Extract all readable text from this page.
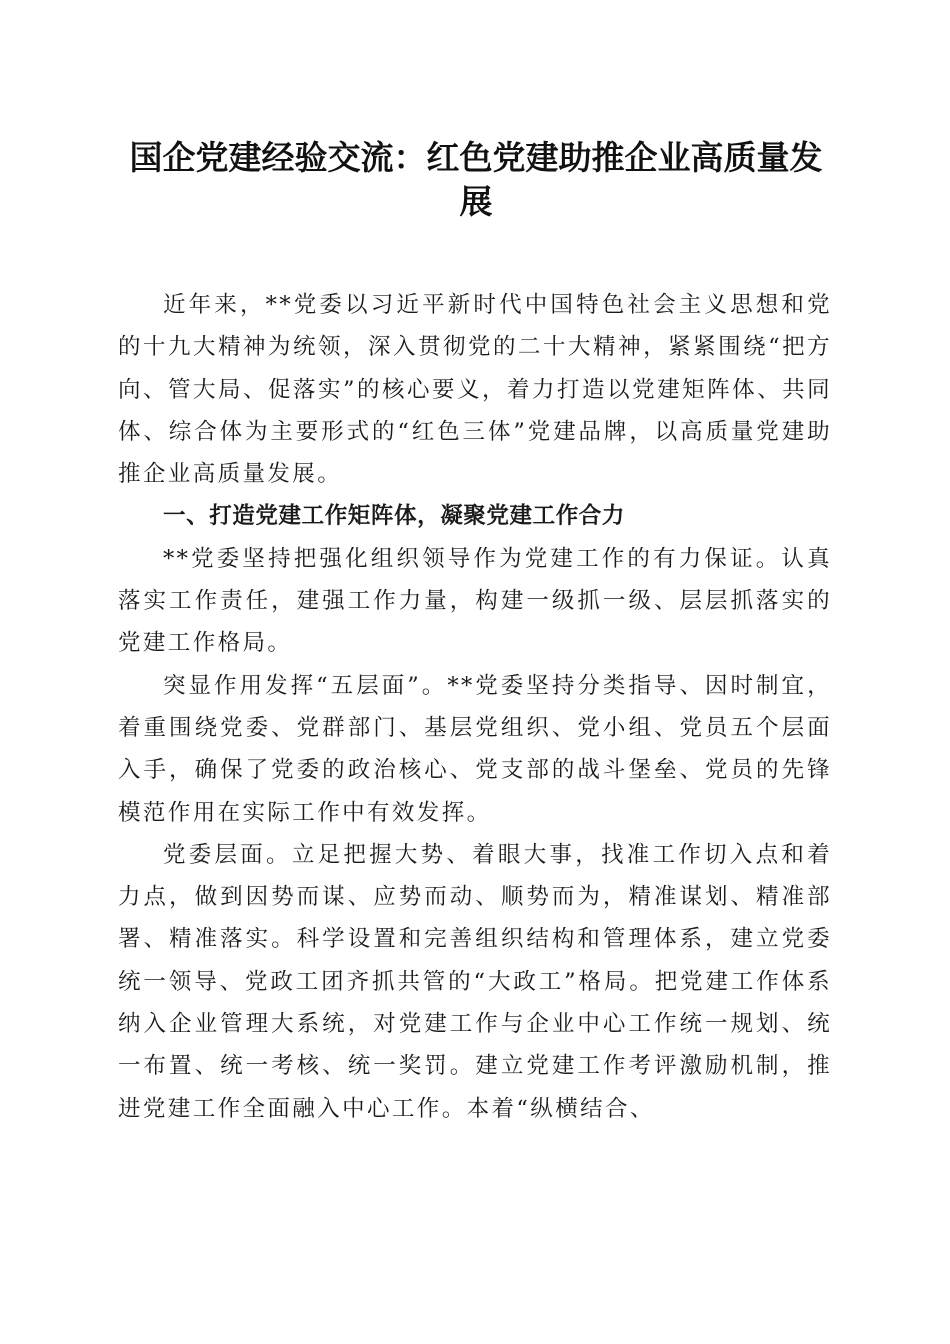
国企党建经验交流：红色党建助推企业高质量发展

近年来，**党委以习近平新时代中国特色社会主义思想和党的十九大精神为统领，深入贯彻党的二十大精神，紧紧围绕“把方向、管大局、促落实”的核心要义，着力打造以党建矩阵体、共同体、综合体为主要形式的“红色三体”党建品牌，以高质量党建助推企业高质量发展。

一、打造党建工作矩阵体，凝聚党建工作合力

**党委坚持把强化组织领导作为党建工作的有力保证。认真落实工作责任，建强工作力量，构建一级抓一级、层层抓落实的党建工作格局。

突显作用发挥“五层面”。**党委坚持分类指导、因时制宜，着重围绕党委、党群部门、基层党组织、党小组、党员五个层面入手，确保了党委的政治核心、党支部的战斗堡垒、党员的先锋模范作用在实际工作中有效发挥。

党委层面。立足把握大势、着眼大事，找准工作切入点和着力点，做到因势而谋、应势而动、顺势而为，精准谋划、精准部署、精准落实。科学设置和完善组织结构和管理体系，建立党委统一领导、党政工团齐抓共管的“大政工”格局。把党建工作体系纳入企业管理大系统，对党建工作与企业中心工作统一规划、统一布置、统一考核、统一奖罚。建立党建工作考评激励机制，推进党建工作全面融入中心工作。本着“纵横结合、
